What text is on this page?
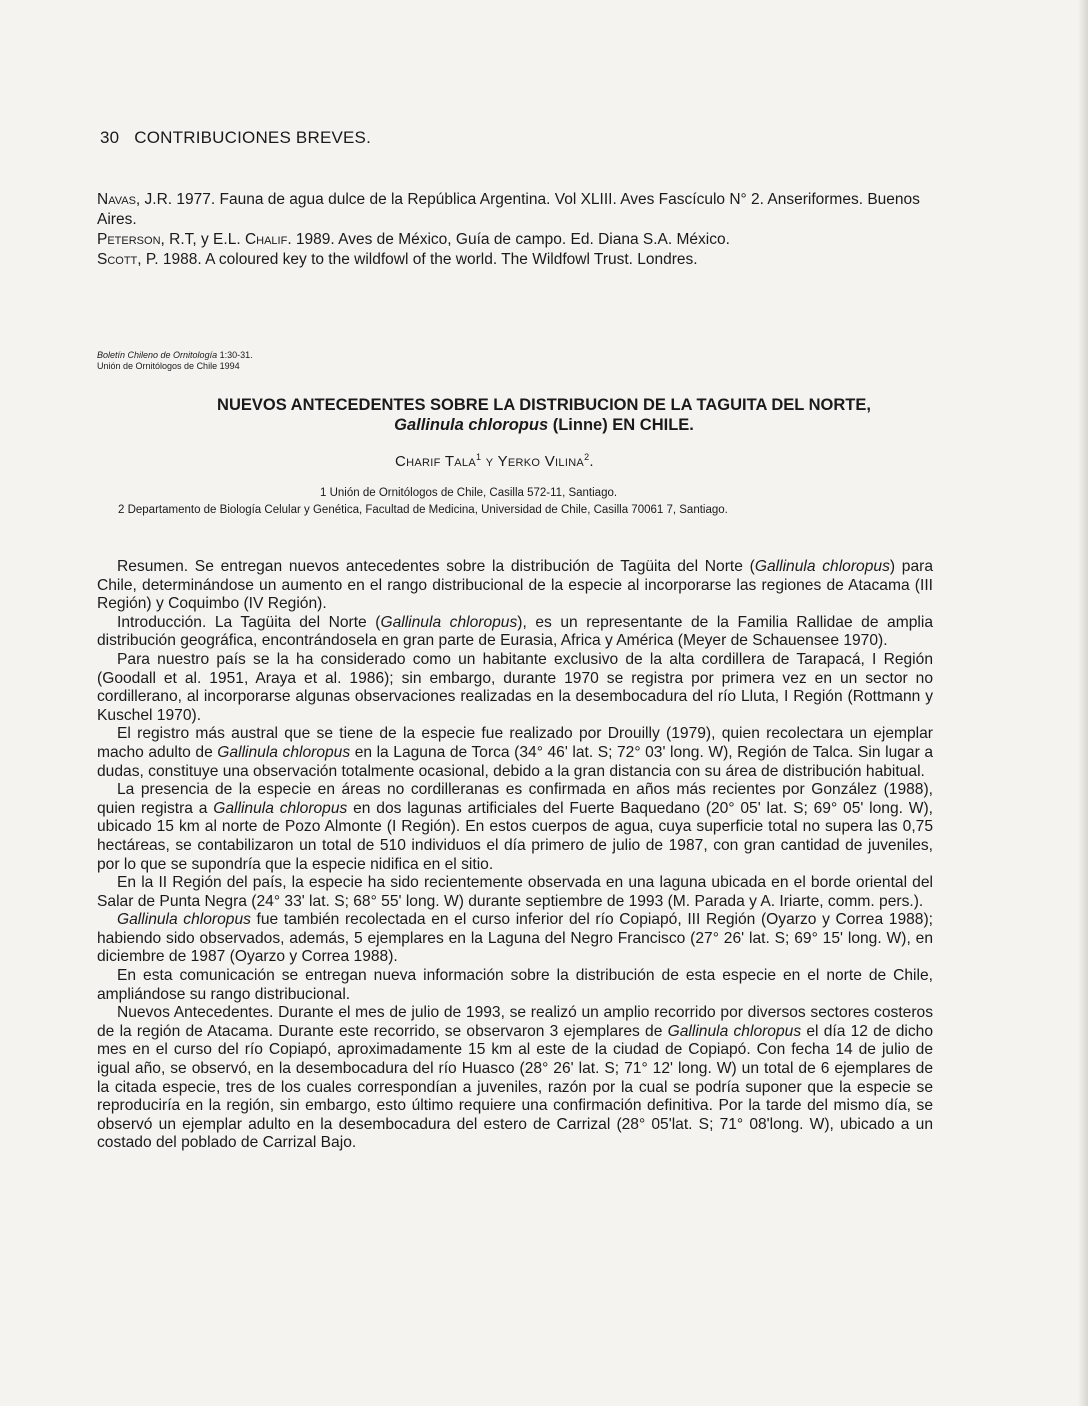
30 CONTRIBUCIONES BREVES.

Navas, J.R. 1977. Fauna de agua dulce de la República Argentina. Vol XLIII. Aves Fascículo N° 2. Anseriformes. Buenos Aires.

Peterson, R.T, y E.L. Chalif. 1989. Aves de México, Guía de campo. Ed. Diana S.A. México.

Scott, P. 1988. A coloured key to the wildfowl of the world. The Wildfowl Trust. Londres.

Boletín Chileno de Ornitología 1:30-31.
Unión de Ornitólogos de Chile 1994
NUEVOS ANTECEDENTES SOBRE LA DISTRIBUCION DE LA TAGUITA DEL NORTE,
Gallinula chloropus (Linne) EN CHILE.
Charif Tala$^1$ y Yerko Vilina$^2$.
1 Unión de Ornitólogos de Chile, Casilla 572-11, Santiago.
2 Departamento de Biología Celular y Genética, Facultad de Medicina, Universidad de Chile, Casilla 70061 7, Santiago.

Resumen. Se entregan nuevos antecedentes sobre la distribución de Tagüita del Norte (Gallinula chloropus) para Chile, determinándose un aumento en el rango distribucional de la especie al incorporarse las regiones de Atacama (III Región) y Coquimbo (IV Región).

Introducción. La Tagüita del Norte (Gallinula chloropus), es un representante de la Familia Rallidae de amplia distribución geográfica, encontrándosela en gran parte de Eurasia, Africa y América (Meyer de Schauensee 1970).

Para nuestro país se la ha considerado como un habitante exclusivo de la alta cordillera de Tarapacá, I Región (Goodall et al. 1951, Araya et al. 1986); sin embargo, durante 1970 se registra por primera vez en un sector no cordillerano, al incorporarse algunas observaciones realizadas en la desembocadura del río Lluta, I Región (Rottmann y Kuschel 1970).

El registro más austral que se tiene de la especie fue realizado por Drouilly (1979), quien recolectara un ejemplar macho adulto de Gallinula chloropus en la Laguna de Torca (34° 46' lat. S; 72° 03' long. W), Región de Talca. Sin lugar a dudas, constituye una observación totalmente ocasional, debido a la gran distancia con su área de distribución habitual.

La presencia de la especie en áreas no cordilleranas es confirmada en años más recientes por González (1988), quien registra a Gallinula chloropus en dos lagunas artificiales del Fuerte Baquedano (20° 05' lat. S; 69° 05' long. W), ubicado 15 km al norte de Pozo Almonte (I Región). En estos cuerpos de agua, cuya superficie total no supera las 0,75 hectáreas, se contabilizaron un total de 510 individuos el día primero de julio de 1987, con gran cantidad de juveniles, por lo que se supondría que la especie nidifica en el sitio.

En la II Región del país, la especie ha sido recientemente observada en una laguna ubicada en el borde oriental del Salar de Punta Negra (24° 33' lat. S; 68° 55' long. W) durante septiembre de 1993 (M. Parada y A. Iriarte, comm. pers.).

Gallinula chloropus fue también recolectada en el curso inferior del río Copiapó, III Región (Oyarzo y Correa 1988); habiendo sido observados, además, 5 ejemplares en la Laguna del Negro Francisco (27° 26' lat. S; 69° 15' long. W), en diciembre de 1987 (Oyarzo y Correa 1988).

En esta comunicación se entregan nueva información sobre la distribución de esta especie en el norte de Chile, ampliándose su rango distribucional.

Nuevos Antecedentes. Durante el mes de julio de 1993, se realizó un amplio recorrido por diversos sectores costeros de la región de Atacama. Durante este recorrido, se observaron 3 ejemplares de Gallinula chloropus el día 12 de dicho mes en el curso del río Copiapó, aproximadamente 15 km al este de la ciudad de Copiapó. Con fecha 14 de julio de igual año, se observó, en la desembocadura del río Huasco (28° 26' lat. S; 71° 12' long. W) un total de 6 ejemplares de la citada especie, tres de los cuales correspondían a juveniles, razón por la cual se podría suponer que la especie se reproduciría en la región, sin embargo, esto último requiere una confirmación definitiva. Por la tarde del mismo día, se observó un ejemplar adulto en la desembocadura del estero de Carrizal (28° 05'lat. S; 71° 08'long. W), ubicado a un costado del poblado de Carrizal Bajo.
